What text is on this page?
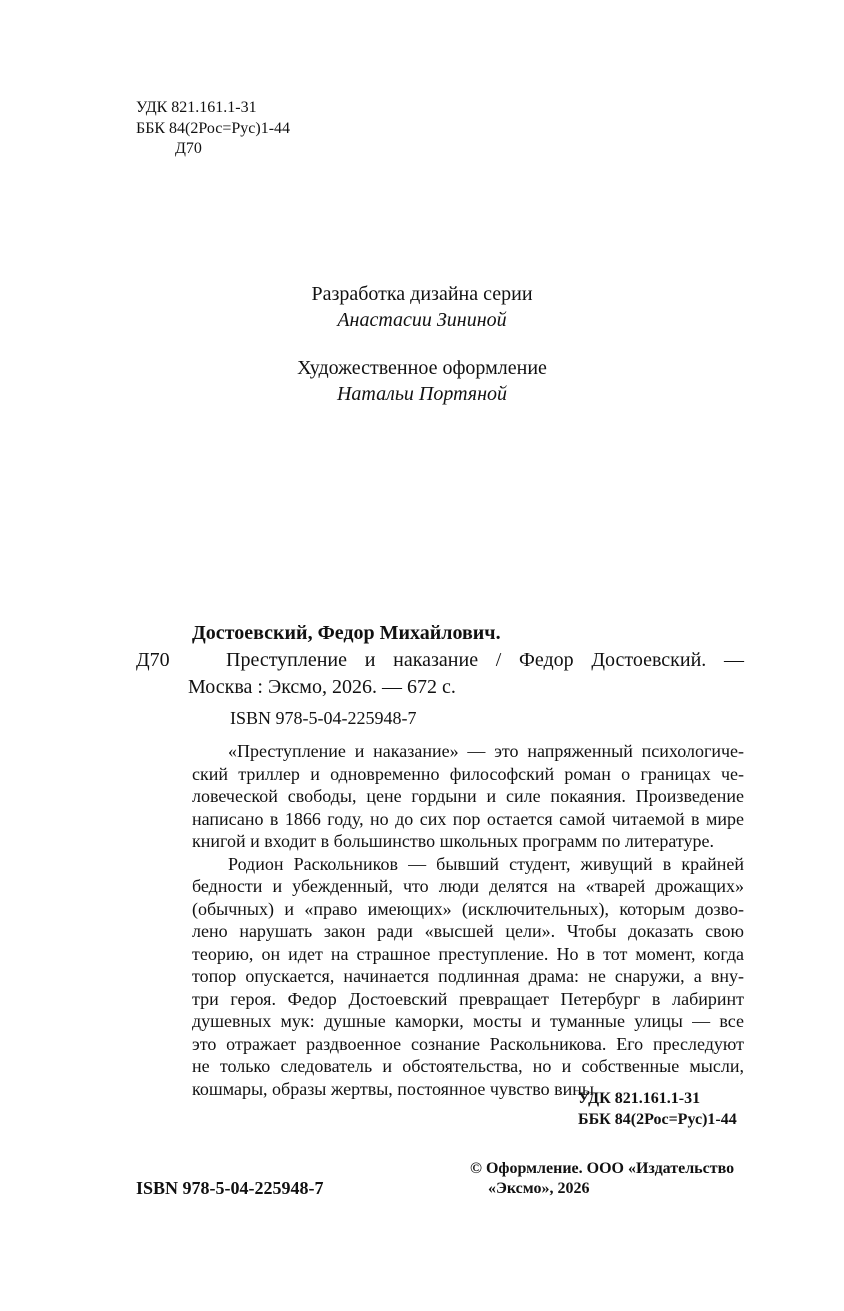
УДК 821.161.1-31
ББК 84(2Рос=Рус)1-44
Д70
Разработка дизайна серии
Анастасии Зининой
Художественное оформление
Натальи Портяной
Достоевский, Федор Михайлович.
Д70	Преступление и наказание / Федор Достоевский. —
Москва : Эксмо, 2026. — 672 с.
ISBN 978-5-04-225948-7
«Преступление и наказание» — это напряженный психологиче-
ский триллер и одновременно философский роман о границах че-
ловеческой свободы, цене гордыни и силе покаяния. Произведение
написано в 1866 году, но до сих пор остается самой читаемой в мире
книгой и входит в большинство школьных программ по литературе.
Родион Раскольников — бывший студент, живущий в крайней
бедности и убежденный, что люди делятся на «тварей дрожащих»
(обычных) и «право имеющих» (исключительных), которым дозво-
лено нарушать закон ради «высшей цели». Чтобы доказать свою
теорию, он идет на страшное преступление. Но в тот момент, когда
топор опускается, начинается подлинная драма: не снаружи, а вну-
три героя. Федор Достоевский превращает Петербург в лабиринт
душевных мук: душные каморки, мосты и туманные улицы — все
это отражает раздвоенное сознание Раскольникова. Его преследуют
не только следователь и обстоятельства, но и собственные мысли,
кошмары, образы жертвы, постоянное чувство вины.
УДК 821.161.1-31
ББК 84(2Рос=Рус)1-44
ISBN 978-5-04-225948-7
© Оформление. ООО «Издательство
«Эксмо», 2026
